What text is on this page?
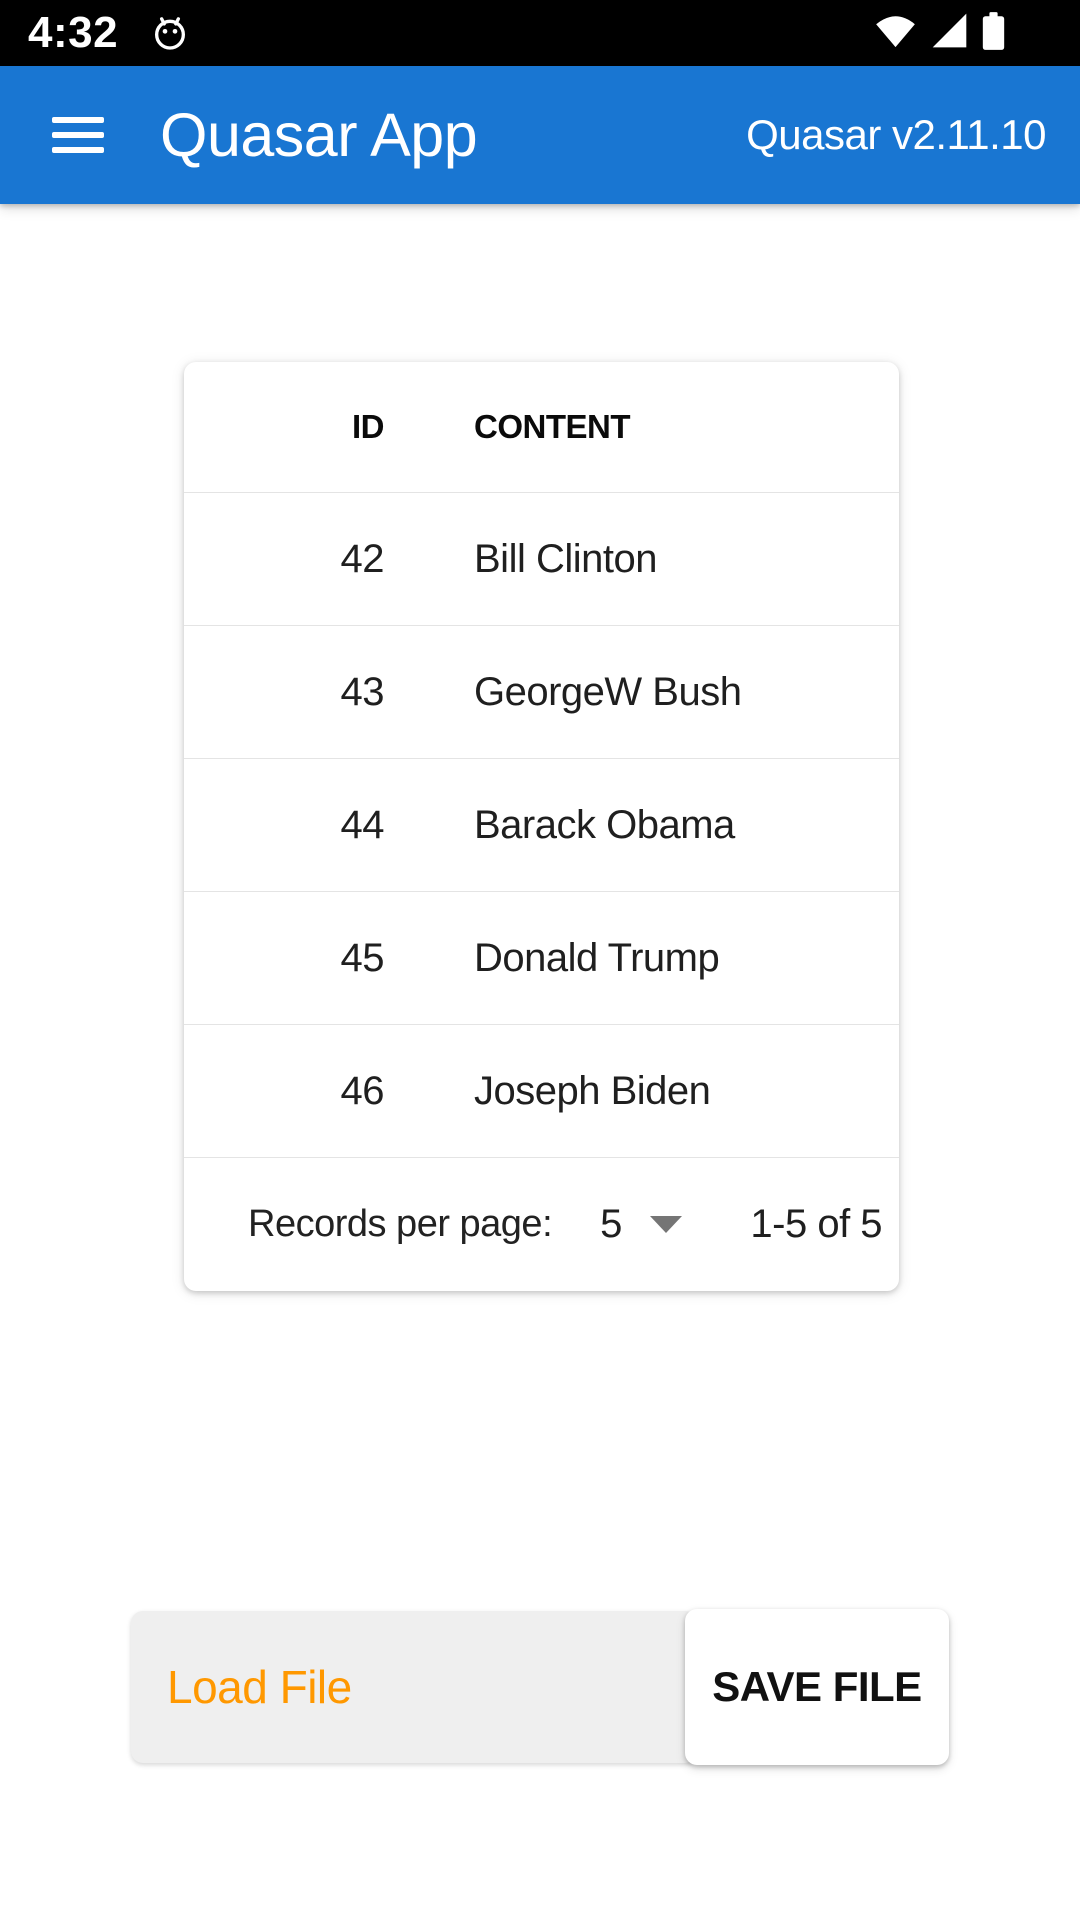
4:32
Quasar App	Quasar v2.11.10
ID	CONTENT
42 Bill Clinton
43 GeorgeW Bush
44 Barack Obama
45 Donald Trump
46 Joseph Biden
Records per page: 5	1-5 of 5
Load File	SAVE FILE
